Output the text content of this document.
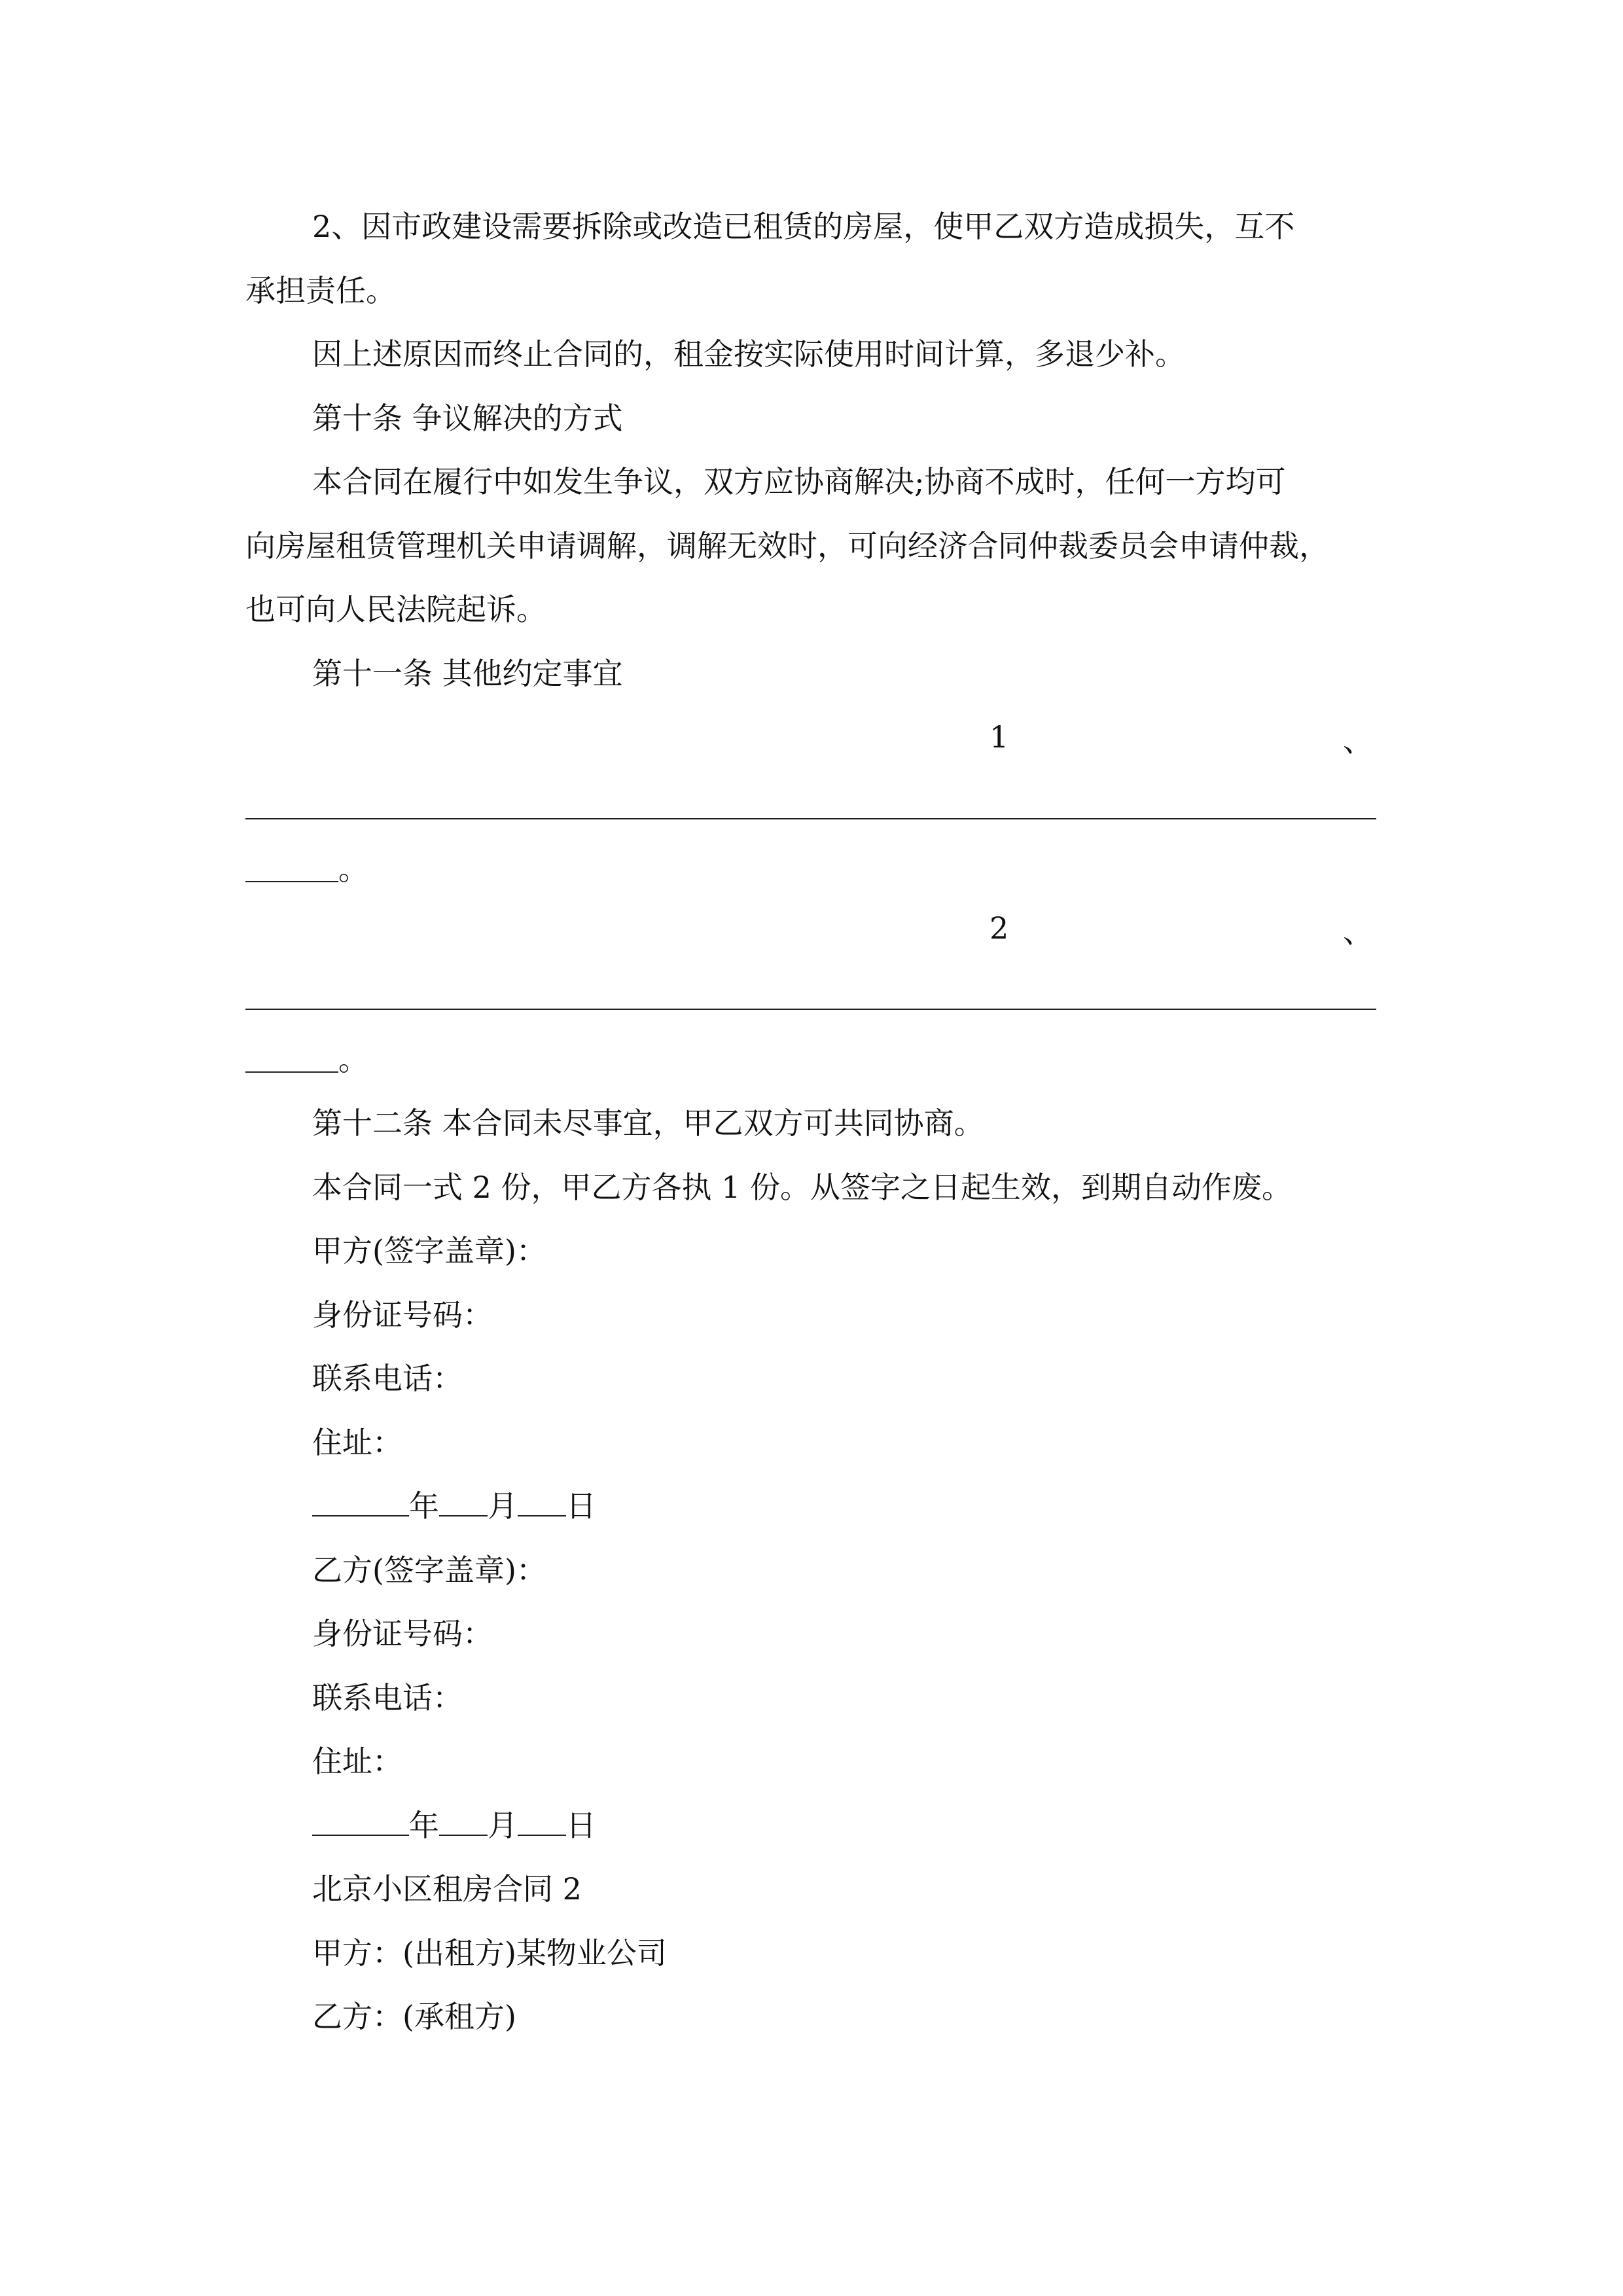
2、因市政建设需要拆除或改造已租赁的房屋，使甲乙双方造成损失，互不
承担责任。
因上述原因而终止合同的，租金按实际使用时间计算，多退少补。
第十条 争议解决的方式
本合同在履行中如发生争议，双方应协商解决;协商不成时，任何一方均可
向房屋租赁管理机关申请调解，调解无效时，可向经济合同仲裁委员会申请仲裁，
也可向人民法院起诉。
第十一条 其他约定事宜
1	、
。
2	、
。
第十二条 本合同未尽事宜，甲乙双方可共同协商。
本合同一式 2 份，甲乙方各执 1 份。从签字之日起生效，到期自动作废。
甲方(签字盖章)：
身份证号码：
联系电话：
住址：
年 月 日
乙方(签字盖章)：
身份证号码：
联系电话：
住址：
年 月 日
北京小区租房合同 2
甲方：(出租方)某物业公司
乙方：(承租方)
